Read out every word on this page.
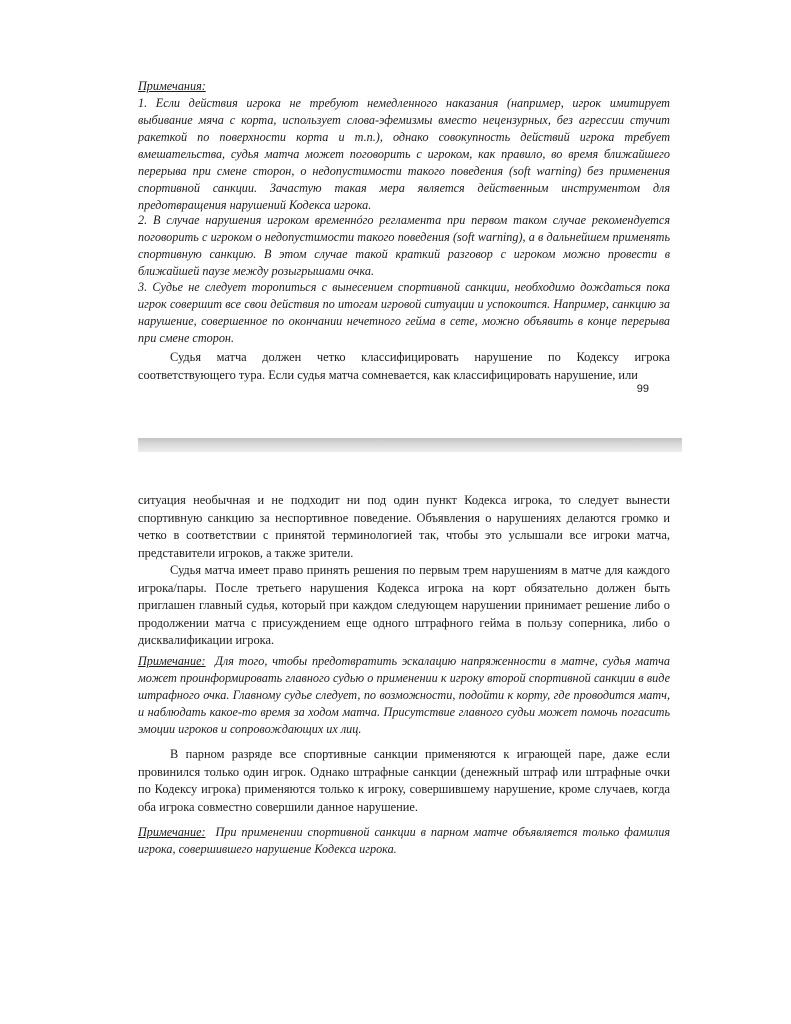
Примечания:

1. Если действия игрока не требуют немедленного наказания (например, игрок имитирует выбивание мяча с корта, использует слова-эфемизмы вместо нецензурных, без агрессии стучит ракеткой по поверхности корта и т.п.), однако совокупность действий игрока требует вмешательства, судья матча может поговорить с игроком, как правило, во время ближайшего перерыва при смене сторон, о недопустимости такого поведения (soft warning) без применения спортивной санкции. Зачастую такая мера является действенным инструментом для предотвращения нарушений Кодекса игрока.

2. В случае нарушения игроком временнóго регламента при первом таком случае рекомендуется поговорить с игроком о недопустимости такого поведения (soft warning), а в дальнейшем применять спортивную санкцию. В этом случае такой краткий разговор с игроком можно провести в ближайшей паузе между розыгрышами очка.

3. Судье не следует торопиться с вынесением спортивной санкции, необходимо дождаться пока игрок совершит все свои действия по итогам игровой ситуации и успокоится. Например, санкцию за нарушение, совершенное по окончании нечетного гейма в сете, можно объявить в конце перерыва при смене сторон.

Судья матча должен четко классифицировать нарушение по Кодексу игрока соответствующего тура. Если судья матча сомневается, как классифицировать нарушение, или

99

ситуация необычная и не подходит ни под один пункт Кодекса игрока, то следует вынести спортивную санкцию за неспортивное поведение. Объявления о нарушениях делаются громко и четко в соответствии с принятой терминологией так, чтобы это услышали все игроки матча, представители игроков, а также зрители.

Судья матча имеет право принять решения по первым трем нарушениям в матче для каждого игрока/пары. После третьего нарушения Кодекса игрока на корт обязательно должен быть приглашен главный судья, который при каждом следующем нарушении принимает решение либо о продолжении матча с присуждением еще одного штрафного гейма в пользу соперника, либо о дисквалификации игрока.

Примечание: Для того, чтобы предотвратить эскалацию напряженности в матче, судья матча может проинформировать главного судью о применении к игроку второй спортивной санкции в виде штрафного очка. Главному судье следует, по возможности, подойти к корту, где проводится матч, и наблюдать какое-то время за ходом матча. Присутствие главного судьи может помочь погасить эмоции игроков и сопровождающих их лиц.

В парном разряде все спортивные санкции применяются к играющей паре, даже если провинился только один игрок. Однако штрафные санкции (денежный штраф или штрафные очки по Кодексу игрока) применяются только к игроку, совершившему нарушение, кроме случаев, когда оба игрока совместно совершили данное нарушение.

Примечание: При применении спортивной санкции в парном матче объявляется только фамилия игрока, совершившего нарушение Кодекса игрока.
